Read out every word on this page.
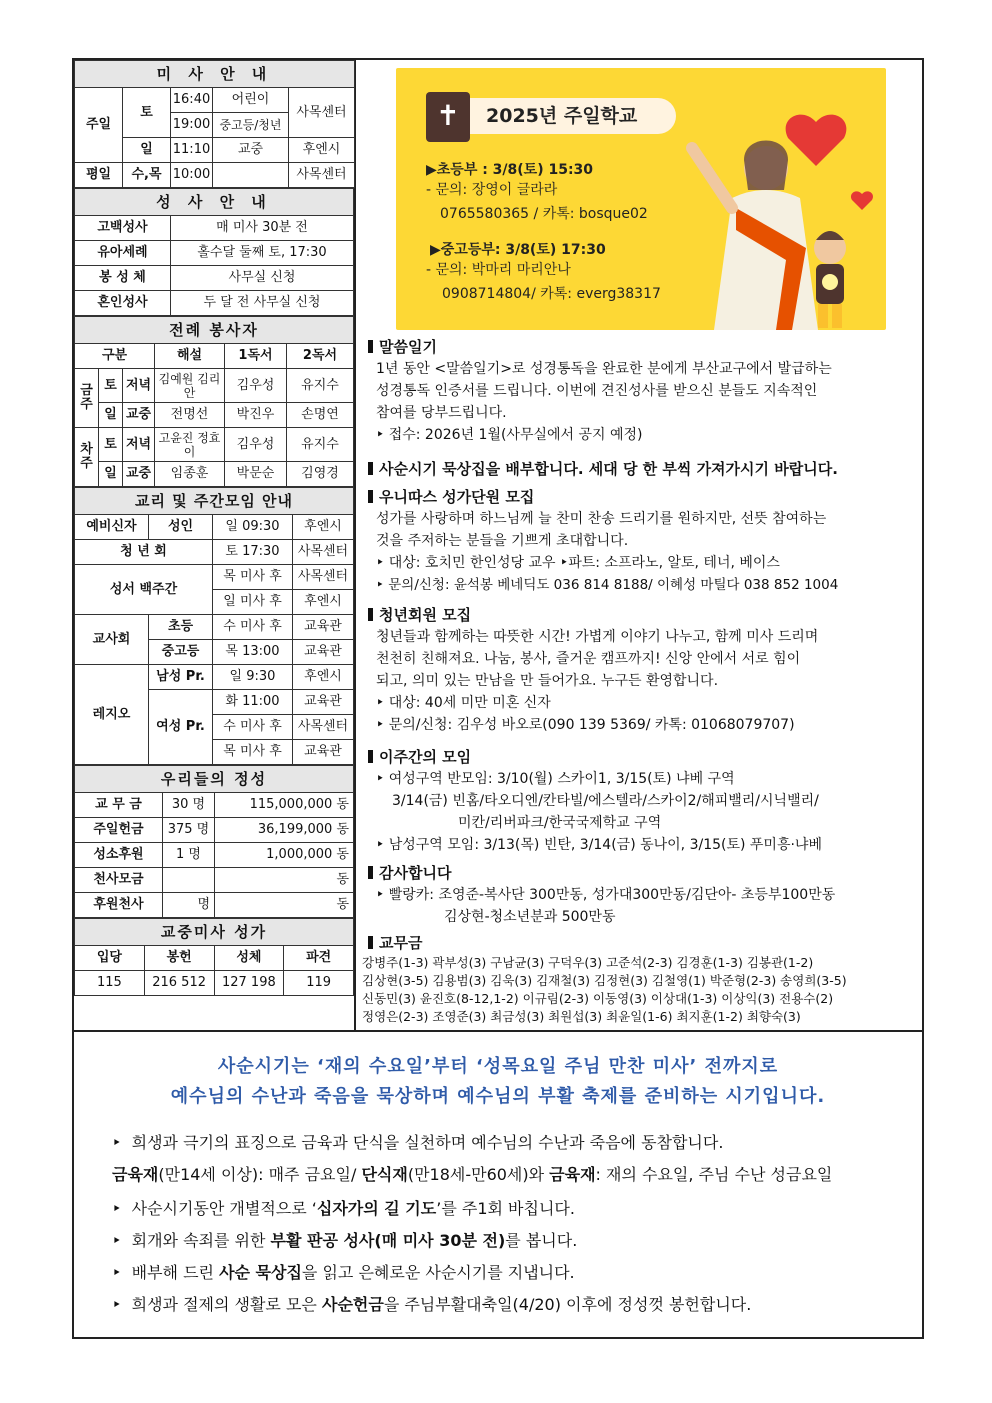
미 사 안 내				
주일	토	16:40	어린이	사목센터
		19:00	중고등/청년	
	일	11:10	교중	후엔시
평일	수,목	10:00		사목센터
성 사 안 내	
고백성사	매 미사 30분 전
유아세례	홀수달 둘째 토, 17:30
봉 성 체	사무실 신청
혼인성사	두 달 전 사무실 신청
전례 봉사자					
구분			해설	1독서	2독서
금주	토	저녁	김예원 김리안	김우성	유지수
	일	교중	전명선	박진우	손명연
차주	토	저녁	고윤진 정효이	김우성	유지수
	일	교중	임종훈	박문순	김영경
교리 및 주간모임 안내			
예비신자	성인	일 09:30	후엔시
청 년 회		토 17:30	사목센터
성서 백주간		목 미사 후	사목센터
		일 미사 후	후엔시
교사회	초등	수 미사 후	교육관
	중고등	목 13:00	교육관
레지오	남성 Pr.	일 9:30	후엔시
	여성 Pr.	화 11:00	교육관
		수 미사 후	사목센터
		목 미사 후	교육관
우리들의 정성		
교 무 금	30 명	115,000,000 동
주일헌금	375 명	36,199,000 동
성소후원	1 명	1,000,000 동
천사모금		동
후원천사	명	동
교중미사 성가			
입당	봉헌	성체	파견
115	216 512	127 198	119
2025년 주일학교
✝
▶초등부 : 3/8(토) 15:30
- 문의: 장영이 글라라
0765580365 / 카톡: bosque02
▶중고등부: 3/8(토) 17:30
- 문의: 박마리 마리안나
0908714804/ 카톡: everg38317
말씀일기

1년 동안 <말씀일기>로 성경통독을 완료한 분에게 부산교구에서 발급하는

성경통독 인증서를 드립니다. 이번에 견진성사를 받으신 분들도 지속적인

참여를 당부드립니다.

‣ 접수: 2026년 1월(사무실에서 공지 예정)

사순시기 묵상집을 배부합니다. 세대 당 한 부씩 가져가시기 바랍니다.
우니따스 성가단원 모집

성가를 사랑하며 하느님께 늘 찬미 찬송 드리기를 원하지만, 선뜻 참여하는

것을 주저하는 분들을 기쁘게 초대합니다.

‣ 대상: 호치민 한인성당 교우 ‣파트: 소프라노, 알토, 테너, 베이스

‣ 문의/신청: 윤석봉 베네딕도 036 814 8188/ 이혜성 마틸다 038 852 1004

청년회원 모집

청년들과 함께하는 따뜻한 시간! 가볍게 이야기 나누고, 함께 미사 드리며

천천히 친해져요. 나눔, 봉사, 즐거운 캠프까지! 신앙 안에서 서로 힘이

되고, 의미 있는 만남을 만 들어가요. 누구든 환영합니다.

‣ 대상: 40세 미만 미혼 신자

‣ 문의/신청: 김우성 바오로(090 139 5369/ 카톡: 01068079707)

이주간의 모임

‣ 여성구역 반모임: 3/10(월) 스카이1, 3/15(토) 냐베 구역

3/14(금) 빈홈/타오디엔/칸타빌/에스텔라/스카이2/해피밸리/시닉밸리/

미칸/리버파크/한국국제학교 구역

‣ 남성구역 모임: 3/13(목) 빈탄, 3/14(금) 동나이, 3/15(토) 푸미흥·냐베

감사합니다

‣ 빨랑카: 조영준-복사단 300만동, 성가대300만동/김단아- 초등부100만동

김상현-청소년분과 500만동

교무금

강병주(1-3) 곽부성(3) 구남균(3) 구덕우(3) 고준석(2-3) 김경훈(1-3) 김봉관(1-2)

김상현(3-5) 김용범(3) 김욱(3) 김재철(3) 김정현(3) 김철영(1) 박준형(2-3) 송영희(3-5)

신동민(3) 윤진호(8-12,1-2) 이규림(2-3) 이동영(3) 이상대(1-3) 이상익(3) 전용수(2)

정영은(2-3) 조영준(3) 최금성(3) 최원섭(3) 최윤일(1-6) 최지훈(1-2) 최향숙(3)

사순시기는 ‘재의 수요일’부터 ‘성목요일 주님 만찬 미사’ 전까지로
예수님의 수난과 죽음을 묵상하며 예수님의 부활 축제를 준비하는 시기입니다.
‣  희생과 극기의 표징으로 금육과 단식을 실천하며 예수님의 수난과 죽음에 동참합니다.
금육재(만14세 이상): 매주 금요일/ 단식재(만18세-만60세)와 금육재: 재의 수요일, 주님 수난 성금요일
‣  사순시기동안 개별적으로 ‘십자가의 길 기도’를 주1회 바칩니다.
‣  회개와 속죄를 위한 부활 판공 성사(매 미사 30분 전)를 봅니다.
‣  배부해 드린 사순 묵상집을 읽고 은혜로운 사순시기를 지냅니다.
‣  희생과 절제의 생활로 모은 사순헌금을 주님부활대축일(4/20) 이후에 정성껏 봉헌합니다.
